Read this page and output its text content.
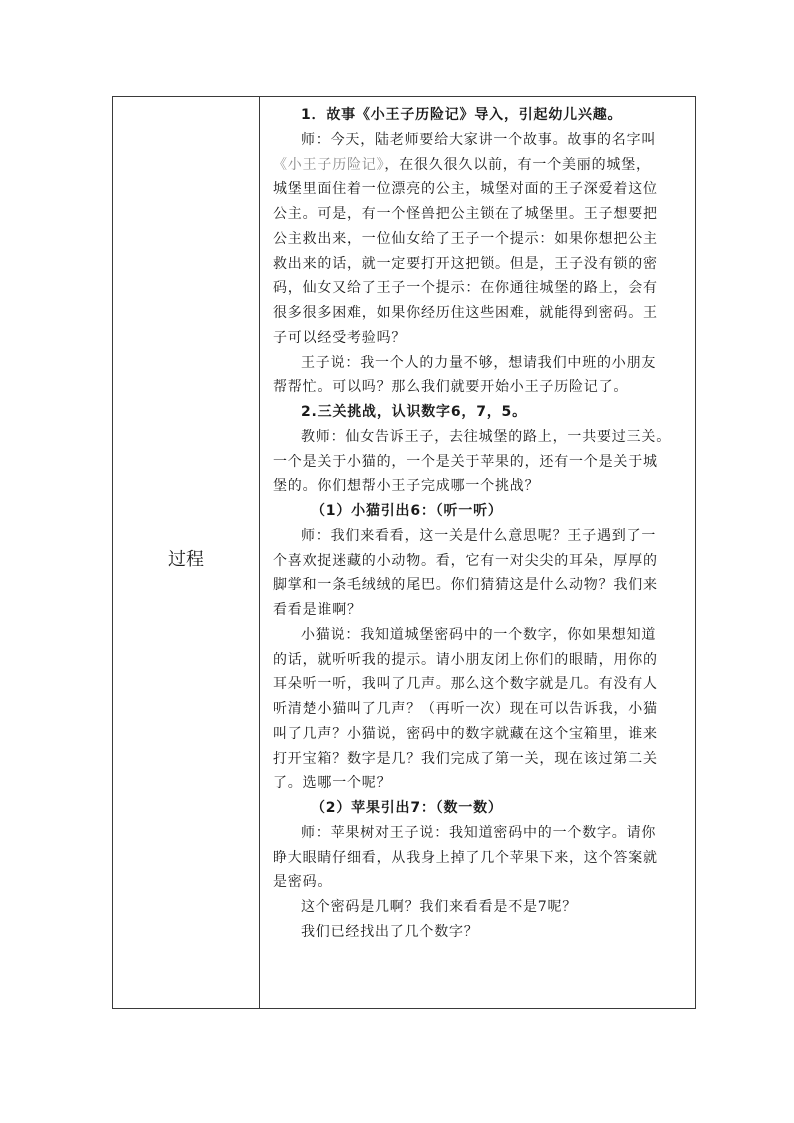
过程
1．故事《小王子历险记》导入，引起幼儿兴趣。
师：今天，陆老师要给大家讲一个故事。故事的名字叫
《小王子历险记》，在很久很久以前，有一个美丽的城堡，
城堡里面住着一位漂亮的公主，城堡对面的王子深爱着这位
公主。可是，有一个怪兽把公主锁在了城堡里。王子想要把
公主救出来，一位仙女给了王子一个提示：如果你想把公主
救出来的话，就一定要打开这把锁。但是，王子没有锁的密
码，仙女又给了王子一个提示：在你通往城堡的路上，会有
很多很多困难，如果你经历住这些困难，就能得到密码。王
子可以经受考验吗？
王子说：我一个人的力量不够，想请我们中班的小朋友
帮帮忙。可以吗？那么我们就要开始小王子历险记了。
2.三关挑战，认识数字6，7，5。
教师：仙女告诉王子，去往城堡的路上，一共要过三关。
一个是关于小猫的，一个是关于苹果的，还有一个是关于城
堡的。你们想帮小王子完成哪一个挑战？
（1）小猫引出6：（听一听）
师：我们来看看，这一关是什么意思呢？王子遇到了一
个喜欢捉迷藏的小动物。看，它有一对尖尖的耳朵，厚厚的
脚掌和一条毛绒绒的尾巴。你们猜猜这是什么动物？我们来
看看是谁啊？
小猫说：我知道城堡密码中的一个数字，你如果想知道
的话，就听听我的提示。请小朋友闭上你们的眼睛，用你的
耳朵听一听，我叫了几声。那么这个数字就是几。有没有人
听清楚小猫叫了几声？（再听一次）现在可以告诉我，小猫
叫了几声？小猫说，密码中的数字就藏在这个宝箱里，谁来
打开宝箱？数字是几？我们完成了第一关，现在该过第二关
了。选哪一个呢？
（2）苹果引出7：（数一数）
师：苹果树对王子说：我知道密码中的一个数字。请你
睁大眼睛仔细看，从我身上掉了几个苹果下来，这个答案就
是密码。
这个密码是几啊？我们来看看是不是7呢？
我们已经找出了几个数字？
